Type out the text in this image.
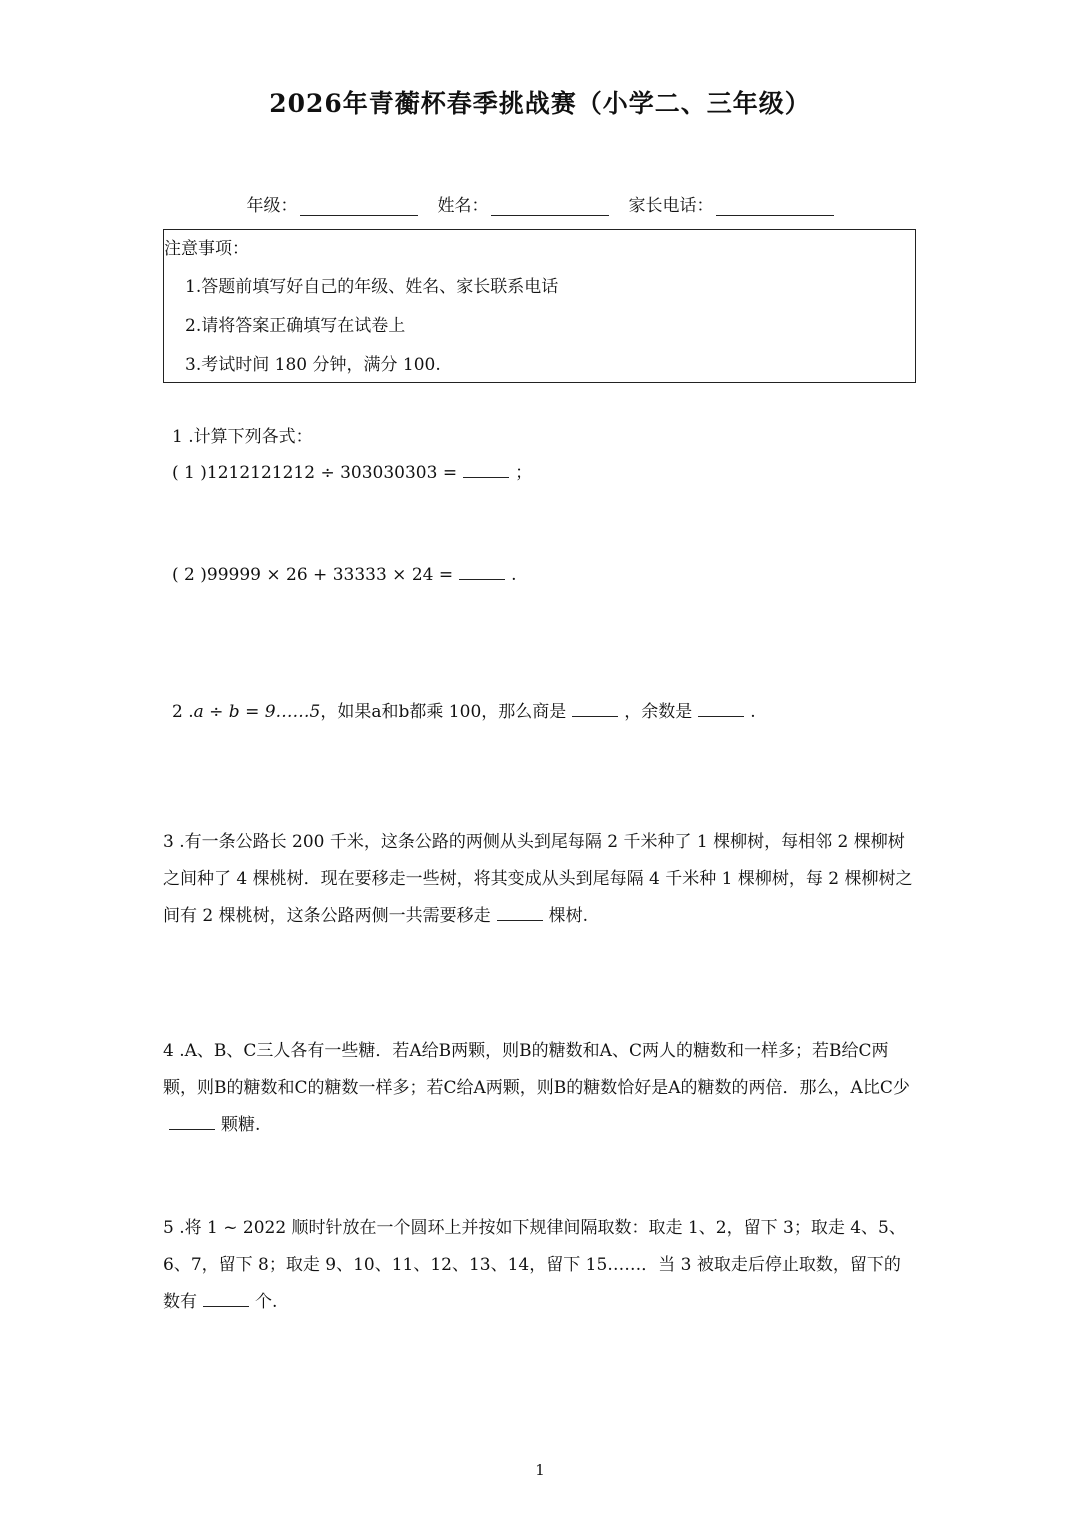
2026年青蘅杯春季挑战赛（小学二、三年级）
年级：	姓名：	家长电话：
注意事项：
1.答题前填写好自己的年级、姓名、家长联系电话
2.请将答案正确填写在试卷上
3.考试时间 180 分钟，满分 100.
1 .计算下列各式：
( 1 )1212121212 ÷ 303030303 =	；
( 2 )99999 × 26 + 33333 × 24 =	.
2 .a ÷ b = 9……5，如果a和b都乘 100，那么商是	，余数是	.
3 .有一条公路长 200 千米，这条公路的两侧从头到尾每隔 2 千米种了 1 棵柳树，每相邻 2 棵柳树之间种了 4 棵桃树．现在要移走一些树，将其变成从头到尾每隔 4 千米种 1 棵柳树，每 2 棵柳树之间有 2 棵桃树，这条公路两侧一共需要移走	棵树.
4 .A、B、C三人各有一些糖．若A给B两颗，则B的糖数和A、C两人的糖数和一样多；若B给C两颗，则B的糖数和C的糖数一样多；若C给A两颗，则B的糖数恰好是A的糖数的两倍．那么，A比C少颗糖.
5 .将 1 ~ 2022 顺时针放在一个圆环上并按如下规律间隔取数：取走 1、2，留下 3；取走 4、5、6、7，留下 8；取走 9、10、11、12、13、14，留下 15……．当 3 被取走后停止取数，留下的数有	个.
1
